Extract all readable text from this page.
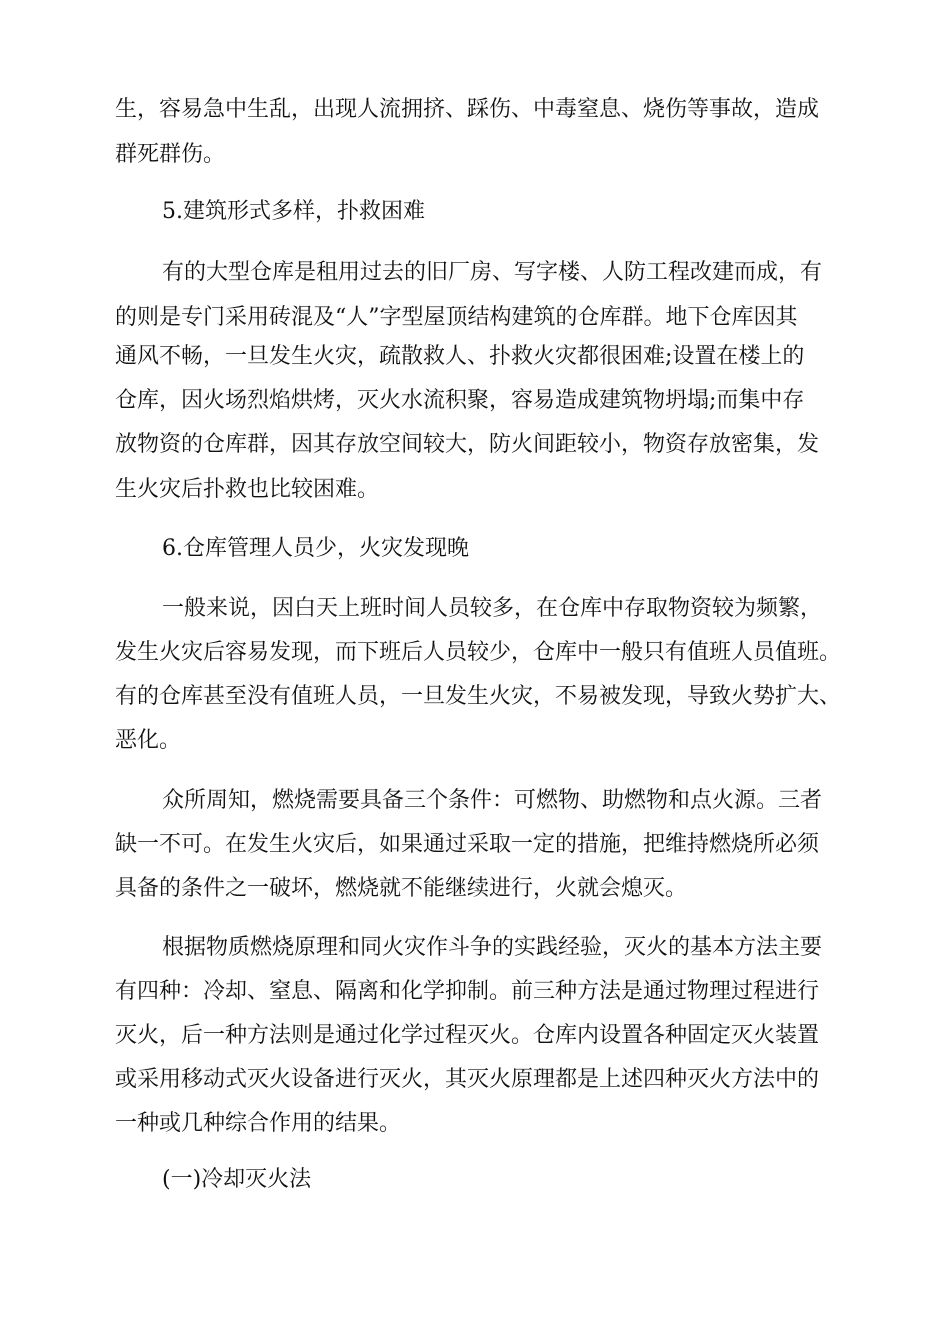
生，容易急中生乱，出现人流拥挤、踩伤、中毒窒息、烧伤等事故，造成

群死群伤。

5.建筑形式多样，扑救困难

有的大型仓库是租用过去的旧厂房、写字楼、人防工程改建而成，有

的则是专门采用砖混及“人”字型屋顶结构建筑的仓库群。地下仓库因其

通风不畅，一旦发生火灾，疏散救人、扑救火灾都很困难;设置在楼上的

仓库，因火场烈焰烘烤，灭火水流积聚，容易造成建筑物坍塌;而集中存

放物资的仓库群，因其存放空间较大，防火间距较小，物资存放密集，发

生火灾后扑救也比较困难。

6.仓库管理人员少，火灾发现晚

一般来说，因白天上班时间人员较多，在仓库中存取物资较为频繁，

发生火灾后容易发现，而下班后人员较少，仓库中一般只有值班人员值班。

有的仓库甚至没有值班人员，一旦发生火灾，不易被发现，导致火势扩大、

恶化。

众所周知，燃烧需要具备三个条件：可燃物、助燃物和点火源。三者

缺一不可。在发生火灾后，如果通过采取一定的措施，把维持燃烧所必须

具备的条件之一破坏，燃烧就不能继续进行，火就会熄灭。

根据物质燃烧原理和同火灾作斗争的实践经验，灭火的基本方法主要

有四种：冷却、窒息、隔离和化学抑制。前三种方法是通过物理过程进行

灭火，后一种方法则是通过化学过程灭火。仓库内设置各种固定灭火装置

或采用移动式灭火设备进行灭火，其灭火原理都是上述四种灭火方法中的

一种或几种综合作用的结果。

(一)冷却灭火法
